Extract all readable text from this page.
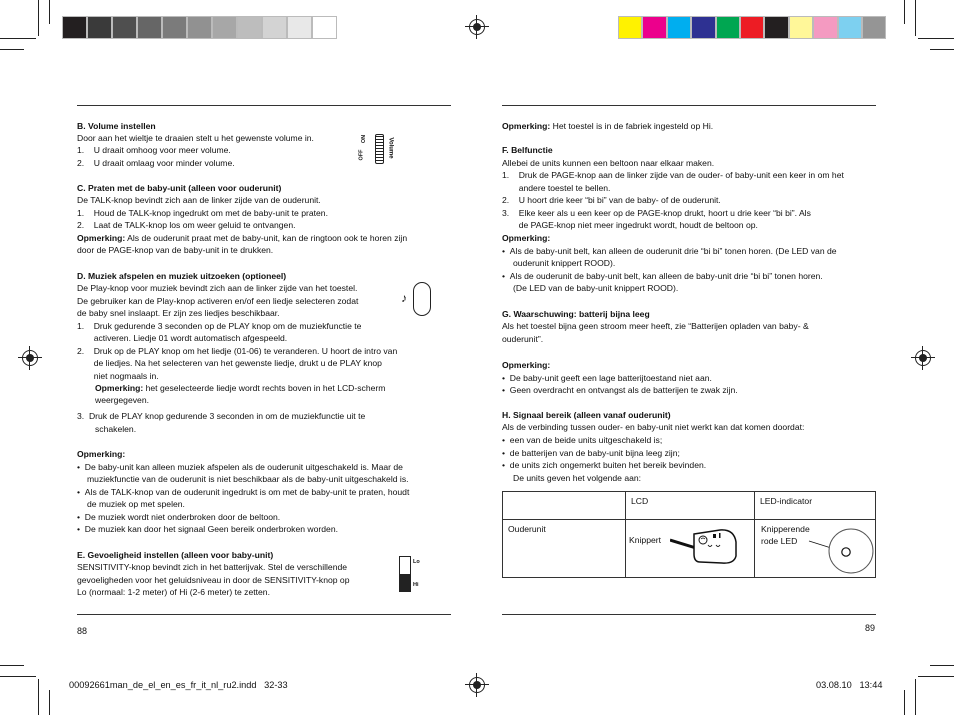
B. Volume instellen
Door aan het wieltje te draaien stelt u het gewenste volume in.
1.    U draait omhoog voor meer volume.
2.    U draait omlaag voor minder volume.
OFF
ON	Volume
C. Praten met de baby-unit (alleen voor ouderunit)
De TALK-knop bevindt zich aan de linker zijde van de ouderunit.
1.    Houd de TALK-knop ingedrukt om met de baby-unit te praten.
2.    Laat de TALK-knop los om weer geluid te ontvangen.
Opmerking: Als de ouderunit praat met de baby-unit, kan de ringtoon ook te horen zijn
door de PAGE-knop van de baby-unit in te drukken.
D. Muziek afspelen en muziek uitzoeken (optioneel)
De Play-knop voor muziek bevindt zich aan de linker zijde van het toestel.
De gebruiker kan de Play-knop activeren en/of een liedje selecteren zodat
de baby snel inslaapt. Er zijn zes liedjes beschikbaar.
1.    Druk gedurende 3 seconden op de PLAY knop om de muziekfunctie te
activeren. Liedje 01 wordt automatisch afgespeeld.
2.    Druk op de PLAY knop om het liedje (01-06) te veranderen. U hoort de intro van
de liedjes. Na het selecteren van het gewenste liedje, drukt u de PLAY knop
niet nogmaals in.
Opmerking: het geselecteerde liedje wordt rechts boven in het LCD-scherm
weergegeven.
3.  Druk de PLAY knop gedurende 3 seconden in om de muziekfunctie uit te
schakelen.
♪
Opmerking:
•  De baby-unit kan alleen muziek afspelen als de ouderunit uitgeschakeld is. Maar de
muziekfunctie van de ouderunit is niet beschikbaar als de baby-unit uitgeschakeld is.
•  Als de TALK-knop van de ouderunit ingedrukt is om met de baby-unit te praten, houdt
de muziek op met spelen.
•  De muziek wordt niet onderbroken door de beltoon.
•  De muziek kan door het signaal Geen bereik onderbroken worden.
E. Gevoeligheid instellen (alleen voor baby-unit)
SENSITIVITY-knop bevindt zich in het batterijvak. Stel de verschillende
gevoeligheden voor het geluidsniveau in door de SENSITIVITY-knop op
Lo (normaal: 1-2 meter) of Hi (2-6 meter) te zetten.
Lo
Hi
88
Opmerking: Het toestel is in de fabriek ingesteld op Hi.
F. Belfunctie
Allebei de units kunnen een beltoon naar elkaar maken.
1.    Druk de PAGE-knop aan de linker zijde van de ouder- of baby-unit een keer in om het
andere toestel te bellen.
2.    U hoort drie keer “bi bi” van de baby- of de ouderunit.
3.    Elke keer als u een keer op de PAGE-knop drukt, hoort u drie keer “bi bi”. Als
de PAGE-knop niet meer ingedrukt wordt, houdt de beltoon op.
Opmerking:
•  Als de baby-unit belt, kan alleen de ouderunit drie “bi bi” tonen horen. (De LED van de
ouderunit knippert ROOD).
•  Als de ouderunit de baby-unit belt, kan alleen de baby-unit drie “bi bi” tonen horen.
(De LED van de baby-unit knippert ROOD).
G. Waarschuwing: batterij bijna leeg
Als het toestel bijna geen stroom meer heeft, zie “Batterijen opladen van baby- &
ouderunit”.
Opmerking:
•  De baby-unit geeft een lage batterijtoestand niet aan.
•  Geen overdracht en ontvangst als de batterijen te zwak zijn.
H. Signaal bereik (alleen vanaf ouderunit)
Als de verbinding tussen ouder- en baby-unit niet werkt kan dat komen doordat:
•  een van de beide units uitgeschakeld is;
•  de batterijen van de baby-unit bijna leeg zijn;
•  de units zich ongemerkt buiten het bereik bevinden.
De units geven het volgende aan:
	LCD	LED-indicator
Ouderunit	Knippert	Knipperende
rode LED
89
00092661man_de_el_en_es_fr_it_nl_ru2.indd   32-33	03.08.10 13:44
